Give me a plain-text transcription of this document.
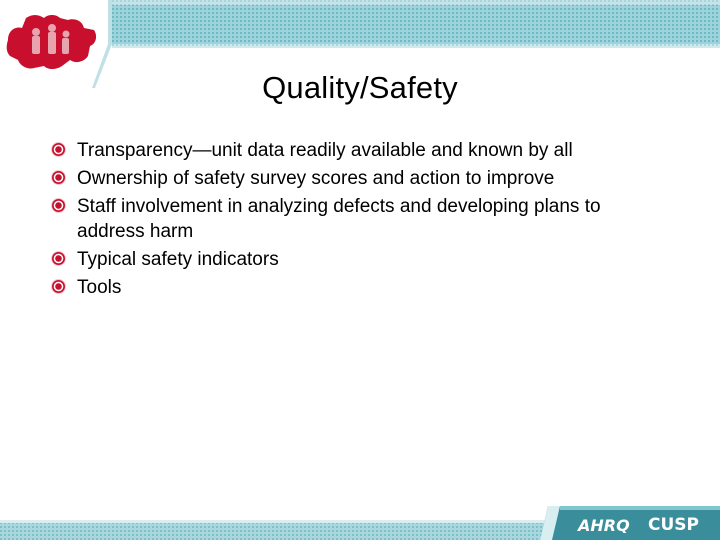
Quality/Safety
Transparency—unit data readily available and known by all
Ownership of safety survey scores and action to improve
Staff involvement in analyzing defects and developing plans to address harm
Typical safety indicators
Tools
AHRQ CUSP
